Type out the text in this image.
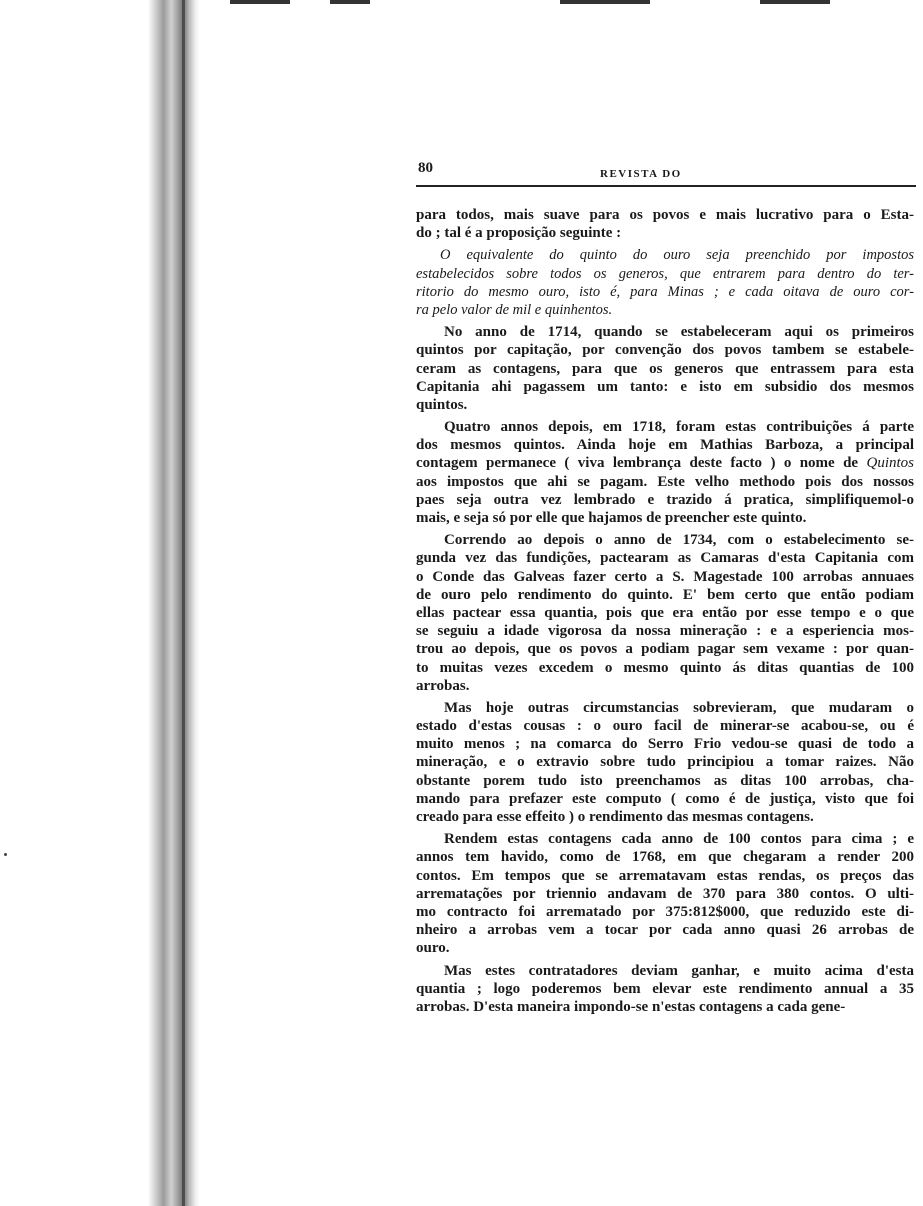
80	REVISTA DO
para todos, mais suave para os povos e mais lucrativo para o Esta-
do ; tal é a proposição seguinte :
O equivalente do quinto do ouro seja preenchido por impostos
estabelecidos sobre todos os generos, que entrarem para dentro do ter-
ritorio do mesmo ouro, isto é, para Minas ; e cada oitava de ouro cor-
ra pelo valor de mil e quinhentos.
No anno de 1714, quando se estabeleceram aqui os primeiros
quintos por capitação, por convenção dos povos tambem se estabele-
ceram as contagens, para que os generos que entrassem para esta
Capitania ahi pagassem um tanto: e isto em subsidio dos mesmos
quintos.
Quatro annos depois, em 1718, foram estas contribuições á parte
dos mesmos quintos. Ainda hoje em Mathias Barboza, a principal
contagem permanece ( viva lembrança deste facto ) o nome de Quintos
aos impostos que ahi se pagam. Este velho methodo pois dos nossos
paes seja outra vez lembrado e trazido á pratica, simplifiquemol-o
mais, e seja só por elle que hajamos de preencher este quinto.
Correndo ao depois o anno de 1734, com o estabelecimento se-
gunda vez das fundições, pactearam as Camaras d'esta Capitania com
o Conde das Galveas fazer certo a S. Magestade 100 arrobas annuaes
de ouro pelo rendimento do quinto. E' bem certo que então podiam
ellas pactear essa quantia, pois que era então por esse tempo e o que
se seguiu a idade vigorosa da nossa mineração : e a esperiencia mos-
trou ao depois, que os povos a podiam pagar sem vexame : por quan-
to muitas vezes excedem o mesmo quinto ás ditas quantias de 100
arrobas.
Mas hoje outras circumstancias sobrevieram, que mudaram o
estado d'estas cousas : o ouro facil de minerar-se acabou-se, ou é
muito menos ; na comarca do Serro Frio vedou-se quasi de todo a
mineração, e o extravio sobre tudo principiou a tomar raizes. Não
obstante porem tudo isto preenchamos as ditas 100 arrobas, cha-
mando para prefazer este computo ( como é de justiça, visto que foi
creado para esse effeito ) o rendimento das mesmas contagens.
Rendem estas contagens cada anno de 100 contos para cima ; e
annos tem havido, como de 1768, em que chegaram a render 200
contos. Em tempos que se arrematavam estas rendas, os preços das
arrematações por triennio andavam de 370 para 380 contos. O ulti-
mo contracto foi arrematado por 375:812$000, que reduzido este di-
nheiro a arrobas vem a tocar por cada anno quasi 26 arrobas de
ouro.
Mas estes contratadores deviam ganhar, e muito acima d'esta
quantia ; logo poderemos bem elevar este rendimento annual a 35
arrobas. D'esta maneira impondo-se n'estas contagens a cada gene-
